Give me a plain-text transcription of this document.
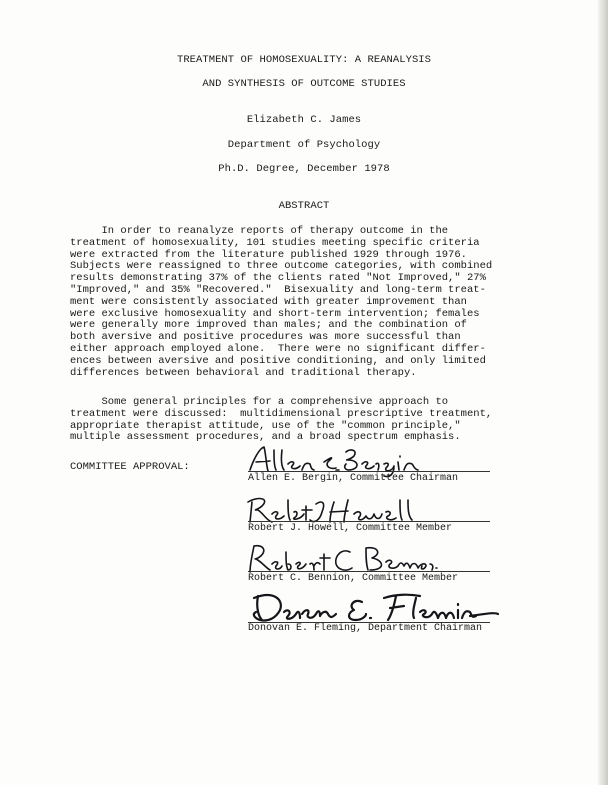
TREATMENT OF HOMOSEXUALITY: A REANALYSIS
AND SYNTHESIS OF OUTCOME STUDIES
Elizabeth C. James
Department of Psychology
Ph.D. Degree, December 1978
ABSTRACT
In order to reanalyze reports of therapy outcome in the
treatment of homosexuality, 101 studies meeting specific criteria
were extracted from the literature published 1929 through 1976.
Subjects were reassigned to three outcome categories, with combined
results demonstrating 37% of the clients rated "Not Improved," 27%
"Improved," and 35% "Recovered."  Bisexuality and long-term treat-
ment were consistently associated with greater improvement than
were exclusive homosexuality and short-term intervention; females
were generally more improved than males; and the combination of
both aversive and positive procedures was more successful than
either approach employed alone.  There were no significant differ-
ences between aversive and positive conditioning, and only limited
differences between behavioral and traditional therapy.
Some general principles for a comprehensive approach to
treatment were discussed:  multidimensional prescriptive treatment,
appropriate therapist attitude, use of the "common principle,"
multiple assessment procedures, and a broad spectrum emphasis.
COMMITTEE APPROVAL:
Allen E. Bergin, Committee Chairman
Robert J. Howell, Committee Member
Robert C. Bennion, Committee Member
Donovan E. Fleming, Department Chairman
